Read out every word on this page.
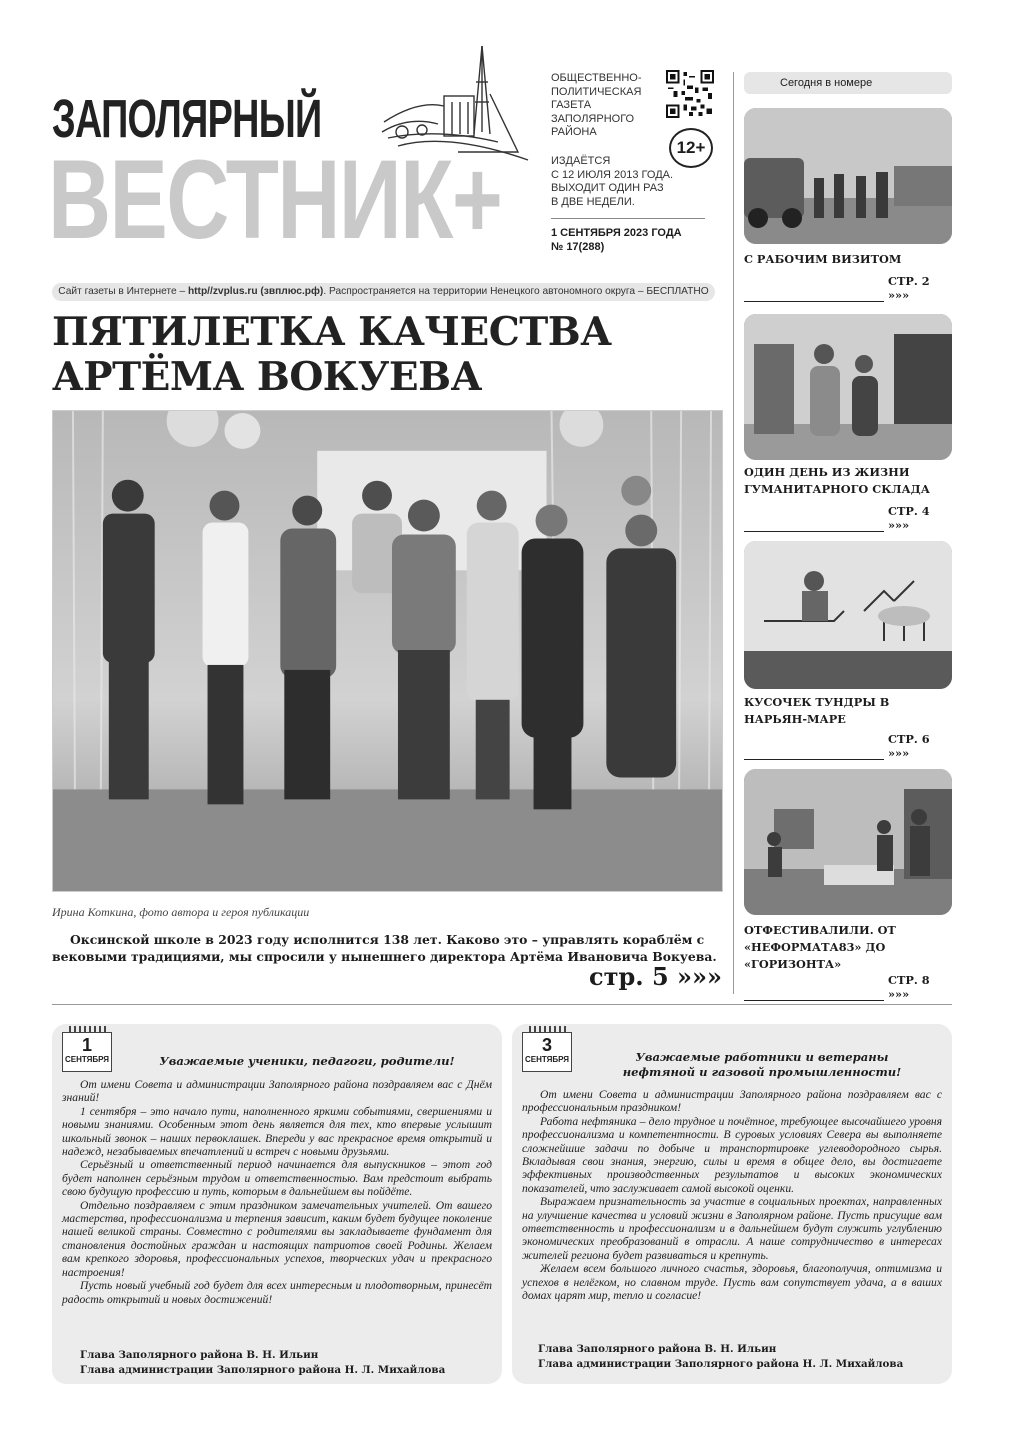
ЗАПОЛЯРНЫЙ
ВЕСТНИК+
ОБЩЕСТВЕННО-
ПОЛИТИЧЕСКАЯ
ГАЗЕТА
ЗАПОЛЯРНОГО
РАЙОНА
12+
ИЗДАЁТСЯ
С 12 ИЮЛЯ 2013 ГОДА.
ВЫХОДИТ ОДИН РАЗ
В ДВЕ НЕДЕЛИ.
1 СЕНТЯБРЯ 2023 ГОДА
№ 17(288)
Сайт газеты в Интернете – http//zvplus.ru (звплюс.рф). Распространяется на территории Ненецкого автономного округа – БЕСПЛАТНО
ПЯТИЛЕТКА КАЧЕСТВА
АРТЁМА ВОКУЕВА
Ирина Коткина, фото автора и героя публикации
Оксинской школе в 2023 году исполнится 138 лет. Каково это – управлять кораблём с вековыми традициями, мы спросили у нынешнего директора Артёма Ивановича Вокуева.
стр. 5 »»»
Сегодня в номере
С РАБОЧИМ ВИЗИТОМ
СТР. 2 »»»
ОДИН ДЕНЬ ИЗ ЖИЗНИ ГУМАНИТАРНОГО СКЛАДА
СТР. 4 »»»
КУСОЧЕК ТУНДРЫ В НАРЬЯН-МАРЕ
СТР. 6 »»»
ОТФЕСТИВАЛИЛИ. ОТ «НЕФОРМАТА83» ДО «ГОРИЗОНТА»
СТР. 8 »»»
1
СЕНТЯБРЯ	Уважаемые ученики, педагоги, родители!

От имени Совета и администрации Заполярного района поздравляем вас с Днём знаний!

1 сентября – это начало пути, наполненного яркими событиями, свершениями и новыми знаниями. Особенным этот день является для тех, кто впервые услышит школьный звонок – наших первоклашек. Впереди у вас прекрасное время открытий и надежд, незабываемых впечатлений и встреч с новыми друзьями.

Серьёзный и ответственный период начинается для выпускников – этот год будет наполнен серьёзным трудом и ответственностью. Вам предстоит выбрать свою будущую профессию и путь, которым в дальнейшем вы пойдёте.

Отдельно поздравляем с этим праздником замечательных учителей. От вашего мастерства, профессионализма и терпения зависит, каким будет будущее поколение нашей великой страны. Совместно с родителями вы закладываете фундамент для становления достойных граждан и настоящих патриотов своей Родины. Желаем вам крепкого здоровья, профессиональных успехов, творческих удач и прекрасного настроения!

Пусть новый учебный год будет для всех интересным и плодотворным, принесёт радость открытий и новых достижений!

Глава Заполярного района В. Н. Ильин
Глава администрации Заполярного района Н. Л. Михайлова
3
СЕНТЯБРЯ	Уважаемые работники и ветераны
нефтяной и газовой промышленности!

От имени Совета и администрации Заполярного района поздравляем вас с профессиональным праздником!

Работа нефтяника – дело трудное и почётное, требующее высочайшего уровня профессионализма и компетентности. В суровых условиях Севера вы выполняете сложнейшие задачи по добыче и транспортировке углеводородного сырья. Вкладывая свои знания, энергию, силы и время в общее дело, вы достигаете эффективных производственных результатов и высоких экономических показателей, что заслуживает самой высокой оценки.

Выражаем признательность за участие в социальных проектах, направленных на улучшение качества и условий жизни в Заполярном районе. Пусть присущие вам ответственность и профессионализм и в дальнейшем будут служить углублению экономических преобразований в отрасли. А наше сотрудничество в интересах жителей региона будет развиваться и крепнуть.

Желаем всем большого личного счастья, здоровья, благополучия, оптимизма и успехов в нелёгком, но славном труде. Пусть вам сопутствует удача, а в ваших домах царят мир, тепло и согласие!

Глава Заполярного района В. Н. Ильин
Глава администрации Заполярного района Н. Л. Михайлова
